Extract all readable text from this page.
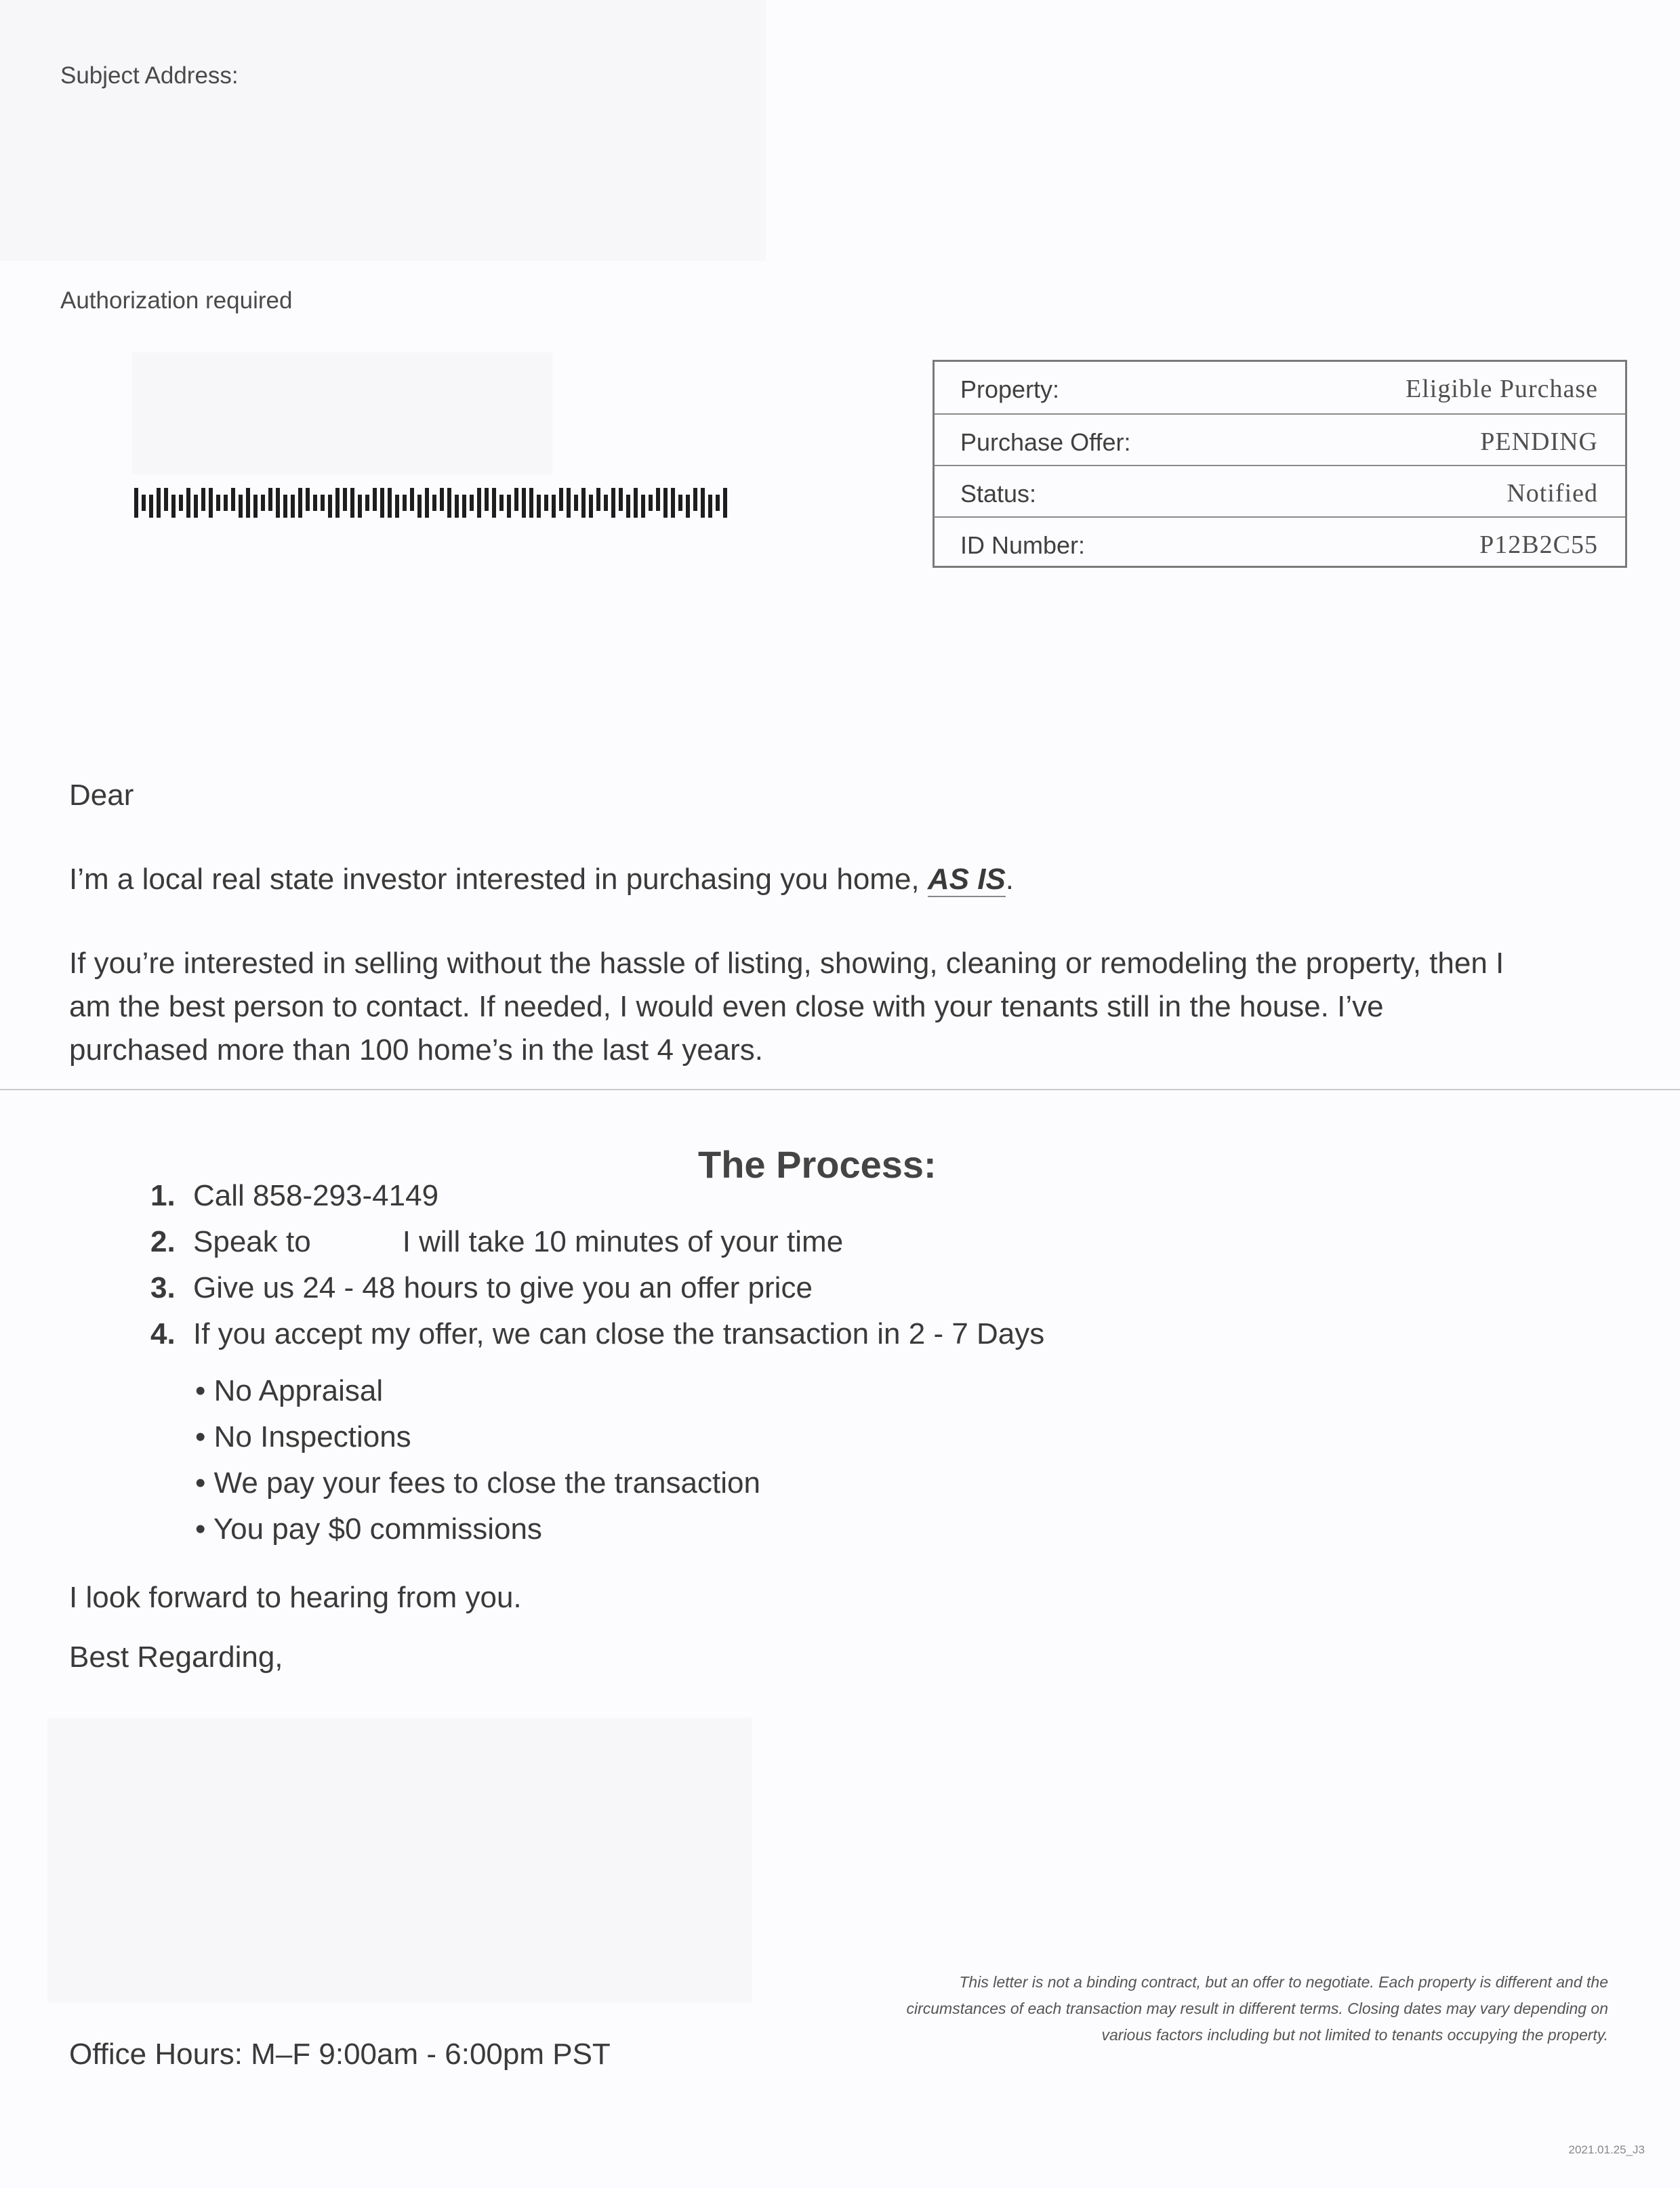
Subject Address:
Authorization required
Property:	Eligible Purchase
Purchase Offer:	PENDING
Status:	Notified
ID Number:	P12B2C55
Dear
I’m a local real state investor interested in purchasing you home, AS IS.
If you’re interested in selling without the hassle of listing, showing, cleaning or remodeling the property, then I
am the best person to contact. If needed, I would even close with your tenants still in the house. I’ve
purchased more than 100 home’s in the last 4 years.
The Process:
1. Call 858-293-4149
2. Speak to	I will take 10 minutes of your time
3. Give us 24 - 48 hours to give you an offer price
4. If you accept my offer, we can close the transaction in 2 - 7 Days
• No Appraisal
• No Inspections
• We pay your fees to close the transaction
• You pay $0 commissions
I look forward to hearing from you.
Best Regarding,
Office Hours: M–F 9:00am - 6:00pm PST
This letter is not a binding contract, but an offer to negotiate. Each property is different and the
circumstances of each transaction may result in different terms. Closing dates may vary depending on
various factors including but not limited to tenants occupying the property.
2021.01.25_J3
